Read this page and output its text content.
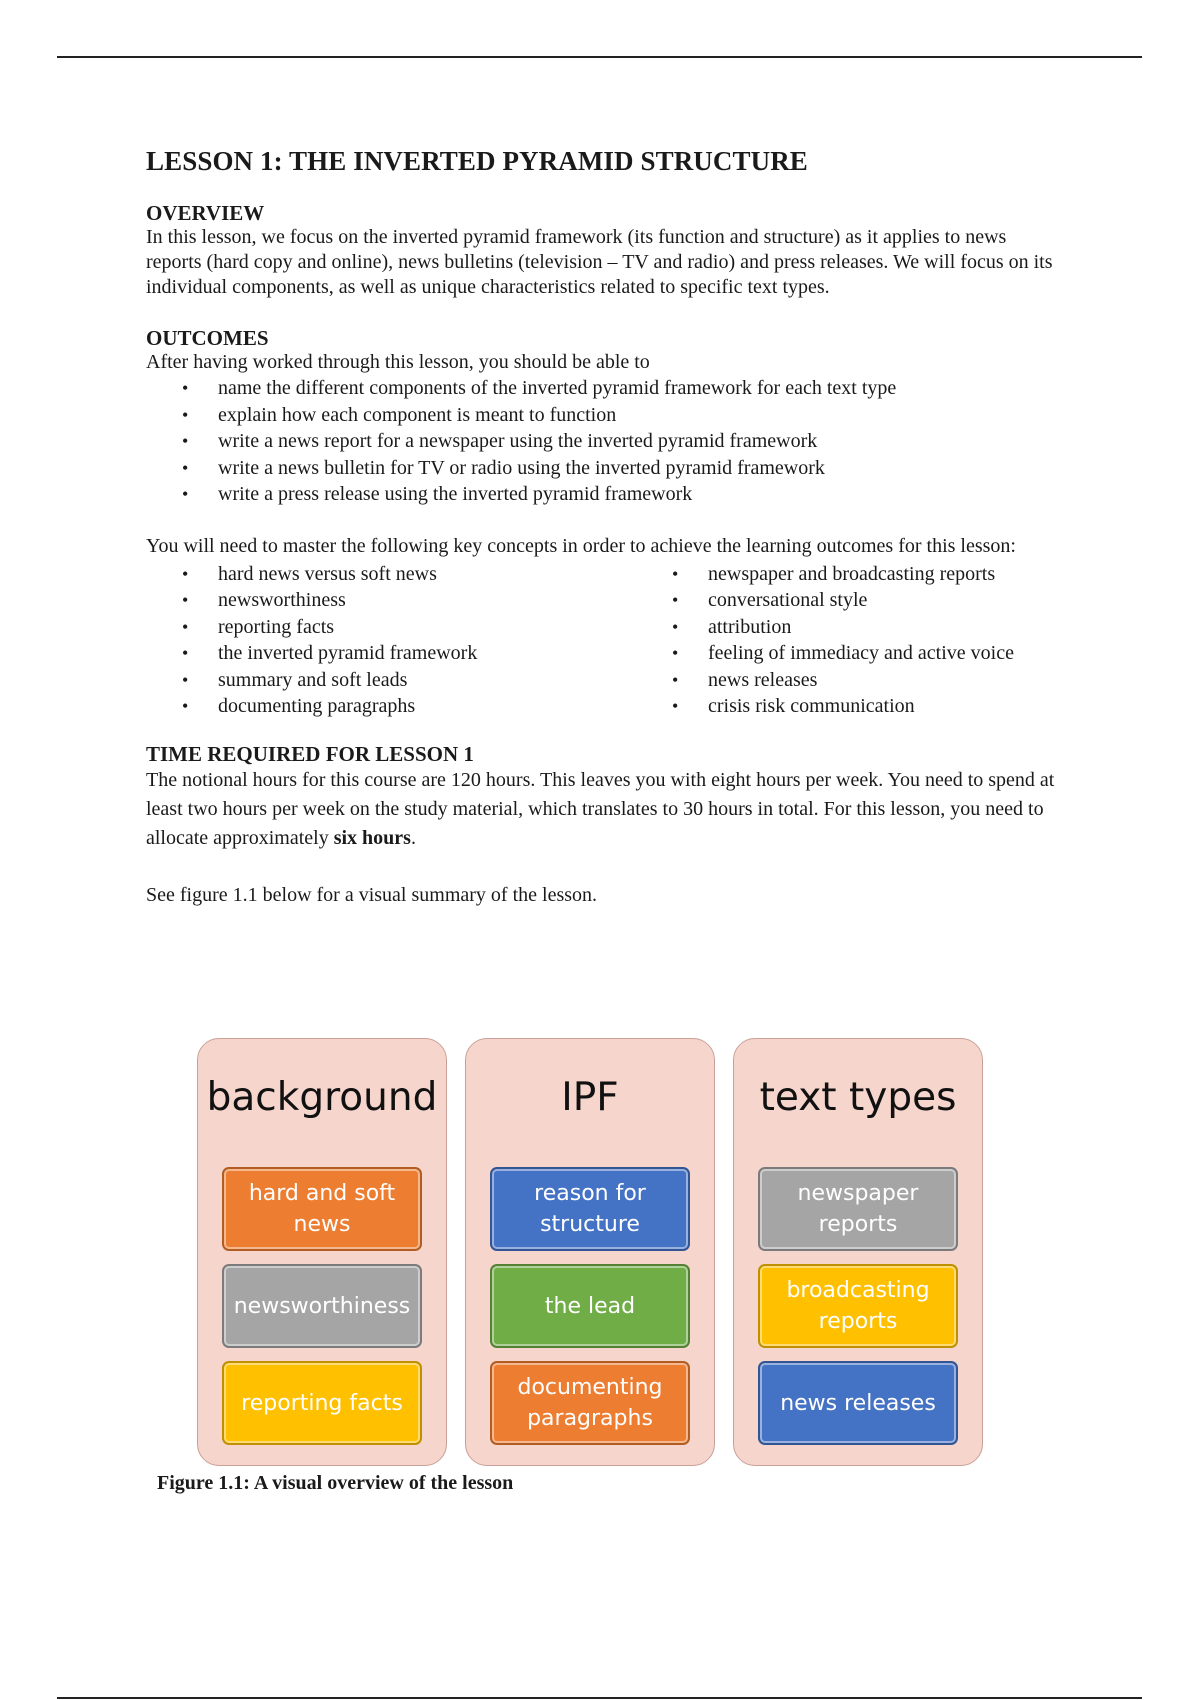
LESSON 1: THE INVERTED PYRAMID STRUCTURE
OVERVIEW

In this lesson, we focus on the inverted pyramid framework (its function and structure) as it applies to news reports (hard copy and online), news bulletins (television – TV and radio) and press releases. We will focus on its individual components, as well as unique characteristics related to specific text types.

OUTCOMES

After having worked through this lesson, you should be able to

• name the different components of the inverted pyramid framework for each text type
• explain how each component is meant to function
• write a news report for a newspaper using the inverted pyramid framework
• write a news bulletin for TV or radio using the inverted pyramid framework
• write a press release using the inverted pyramid framework

You will need to master the following key concepts in order to achieve the learning outcomes for this lesson:

• hard news versus soft news
• newsworthiness
• reporting facts
• the inverted pyramid framework
• summary and soft leads
• documenting paragraphs
• newspaper and broadcasting reports
• conversational style
• attribution
• feeling of immediacy and active voice
• news releases
• crisis risk communication
TIME REQUIRED FOR LESSON 1

The notional hours for this course are 120 hours. This leaves you with eight hours per week. You need to spend at least two hours per week on the study material, which translates to 30 hours in total. For this lesson, you need to allocate approximately six hours.

See figure 1.1 below for a visual summary of the lesson.

background
hard and soft news
newsworthiness
reporting facts
IPF
reason for structure
the lead
documenting paragraphs
text types
newspaper reports
broadcasting reports
news releases
Figure 1.1: A visual overview of the lesson
